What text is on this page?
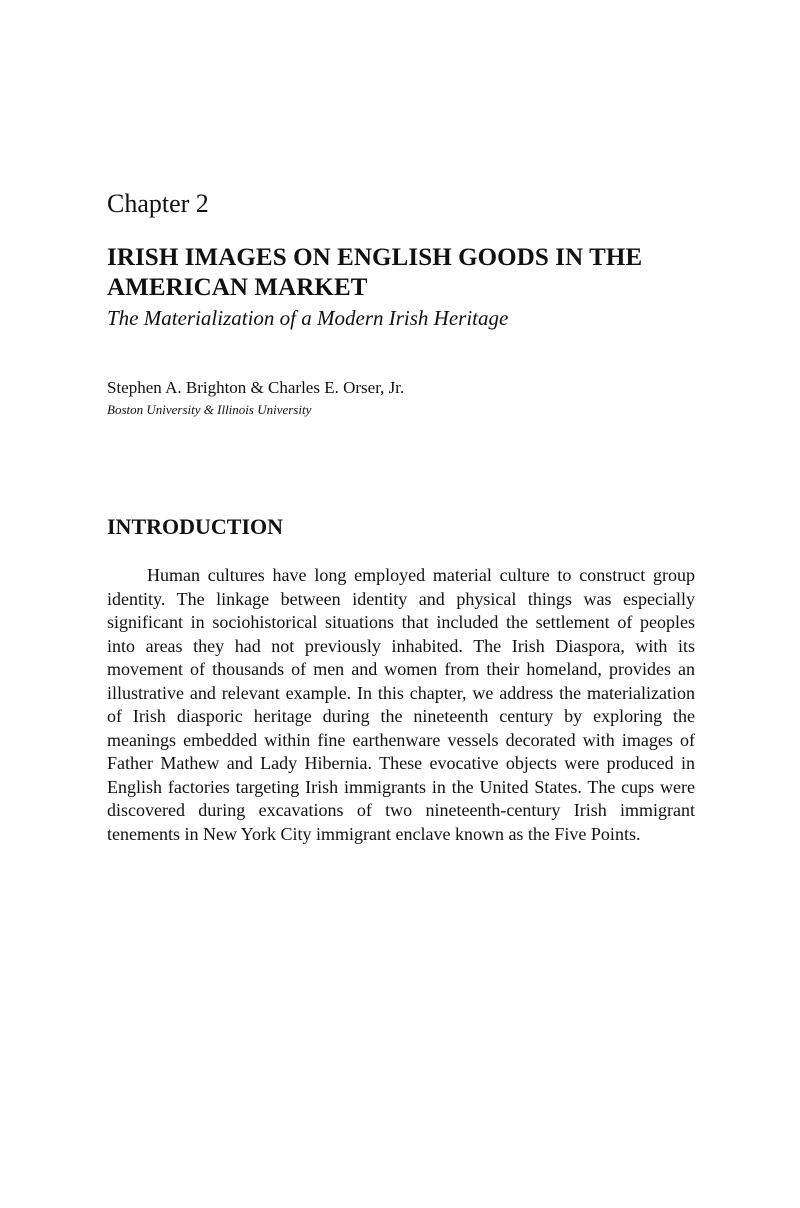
Chapter 2
IRISH IMAGES ON ENGLISH GOODS IN THE AMERICAN MARKET
The Materialization of a Modern Irish Heritage

Stephen A. Brighton & Charles E. Orser, Jr.

Boston University & Illinois University

INTRODUCTION

Human cultures have long employed material culture to construct group identity. The linkage between identity and physical things was especially significant in sociohistorical situations that included the settlement of peoples into areas they had not previously inhabited. The Irish Diaspora, with its movement of thousands of men and women from their homeland, provides an illustrative and relevant example. In this chapter, we address the materialization of Irish diasporic heritage during the nineteenth century by exploring the meanings embedded within fine earthenware vessels decorated with images of Father Mathew and Lady Hibernia. These evocative objects were produced in English factories targeting Irish immigrants in the United States. The cups were discovered during excavations of two nineteenth-century Irish immigrant tenements in New York City immigrant enclave known as the Five Points.
